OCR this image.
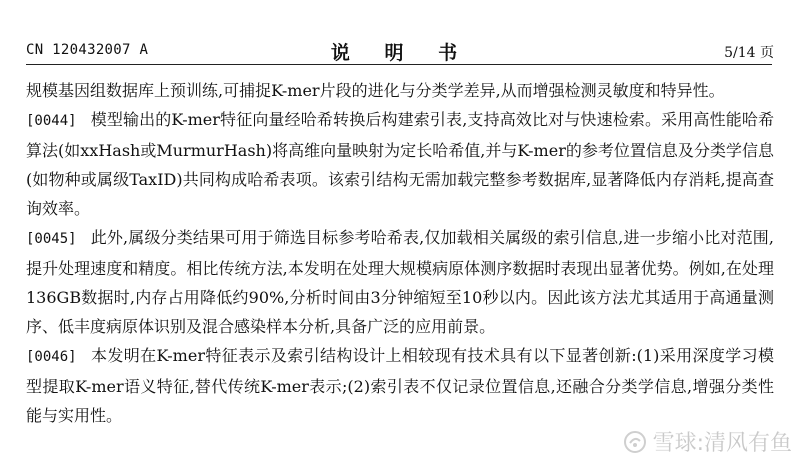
CN 120432007 A	说 明 书	5/14 页

规模基因组数据库上预训练,可捕捉K-mer片段的进化与分类学差异,从而增强检测灵敏度和特异性。

[0044] 模型输出的K-mer特征向量经哈希转换后构建索引表,支持高效比对与快速检索。采用高性能哈希算法(如xxHash或MurmurHash)将高维向量映射为定长哈希值,并与K-mer的参考位置信息及分类学信息(如物种或属级TaxID)共同构成哈希表项。该索引结构无需加载完整参考数据库,显著降低内存消耗,提高查询效率。

[0045] 此外,属级分类结果可用于筛选目标参考哈希表,仅加载相关属级的索引信息,进一步缩小比对范围,提升处理速度和精度。相比传统方法,本发明在处理大规模病原体测序数据时表现出显著优势。例如,在处理136GB数据时,内存占用降低约90%,分析时间由3分钟缩短至10秒以内。因此该方法尤其适用于高通量测序、低丰度病原体识别及混合感染样本分析,具备广泛的应用前景。

[0046] 本发明在K-mer特征表示及索引结构设计上相较现有技术具有以下显著创新:(1)采用深度学习模型提取K-mer语义特征,替代传统K-mer表示;(2)索引表不仅记录位置信息,还融合分类学信息,增强分类性能与实用性。

雪球:清风有鱼
